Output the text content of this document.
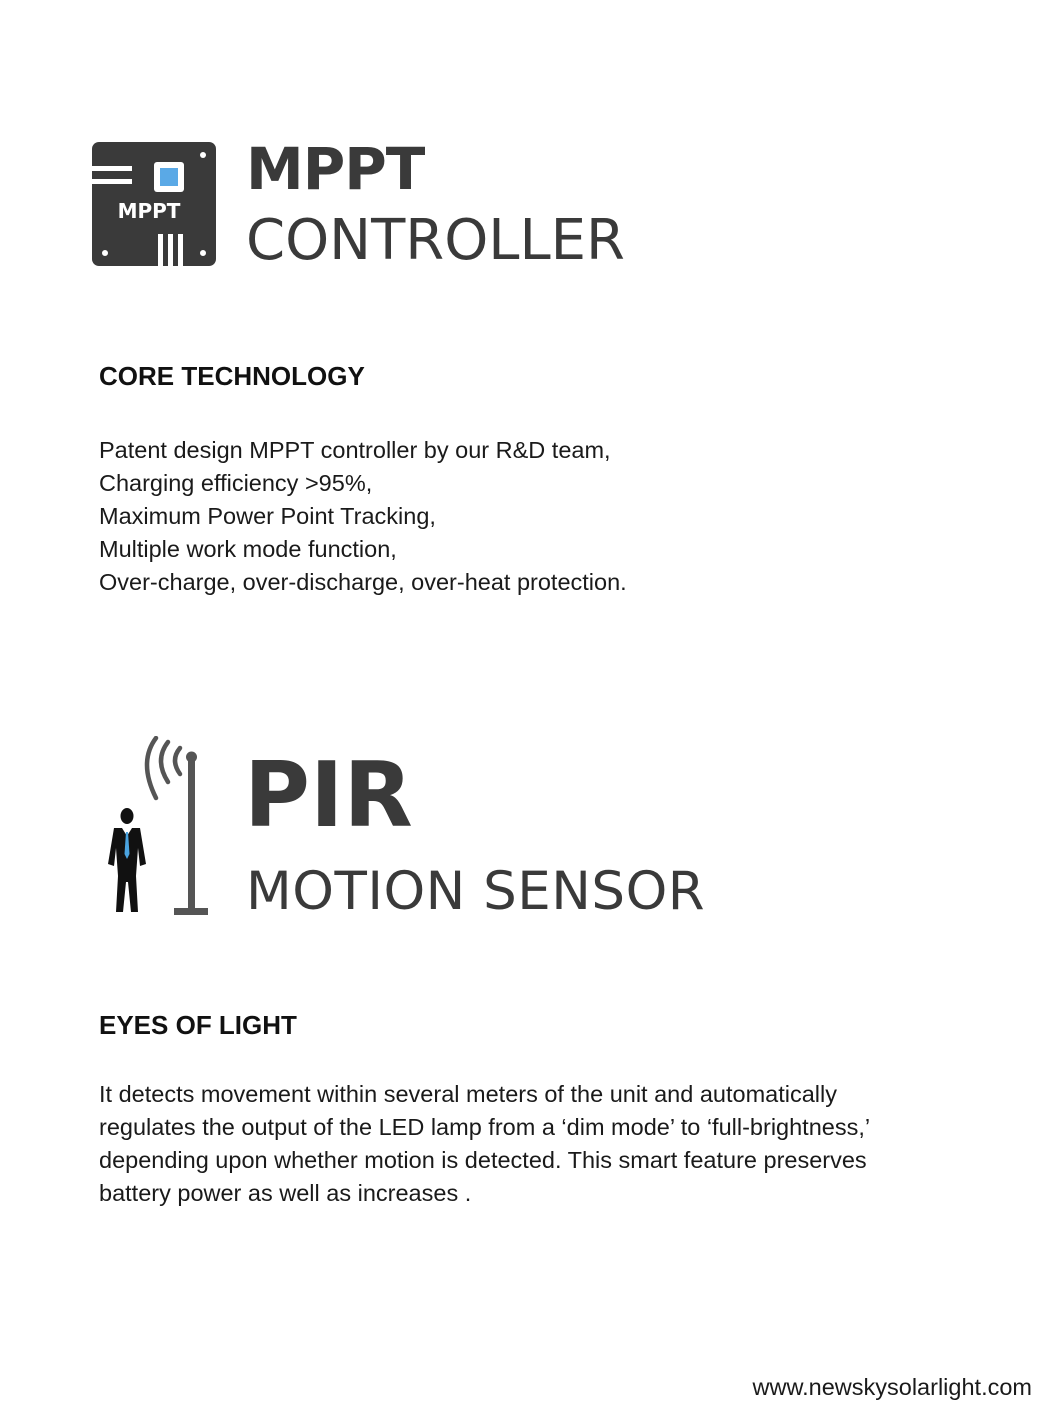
MPPT

MPPT

CONTROLLER

CORE TECHNOLOGY
Patent design MPPT controller by our R&D team,
Charging efficiency >95%,
Maximum Power Point Tracking,
Multiple work mode function,
Over-charge, over-discharge, over-heat protection.

PIR

MOTION SENSOR

EYES OF LIGHT
It detects movement within several meters of the unit and automatically
regulates the output of the LED lamp from a ‘dim mode’ to ‘full-brightness,’
depending upon whether motion is detected. This smart feature preserves
battery power as well as increases .

www.newskysolarlight.com
